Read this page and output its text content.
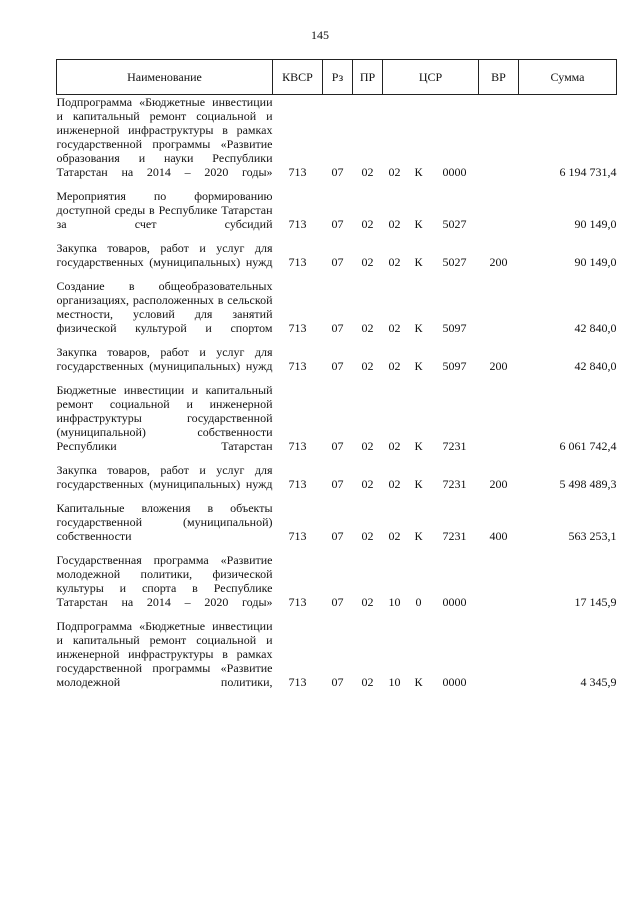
145
Наименование	КВСР	Рз	ПР	ЦСР			ВР	Сумма
Подпрограмма «Бюджетные инвестиции и капитальный ремонт социальной и инженерной инфраструктуры в рамках государственной программы «Развитие образования и науки Республики Татарстан на 2014 – 2020 годы»	713	07	02	02	К	0000		6 194 731,4
Мероприятия по формированию доступной среды в Республике Татарстан за счет субсидий	713	07	02	02	К	5027		90 149,0
Закупка товаров, работ и услуг для государственных (муниципальных) нужд	713	07	02	02	К	5027	200	90 149,0
Создание в общеобразовательных организациях, расположенных в сельской местности, условий для занятий физической культурой и спортом	713	07	02	02	К	5097		42 840,0
Закупка товаров, работ и услуг для государственных (муниципальных) нужд	713	07	02	02	К	5097	200	42 840,0
Бюджетные инвестиции и капитальный ремонт социальной и инженерной инфраструктуры государственной (муниципальной) собственности Республики Татарстан	713	07	02	02	К	7231		6 061 742,4
Закупка товаров, работ и услуг для государственных (муниципальных) нужд	713	07	02	02	К	7231	200	5 498 489,3
Капитальные вложения в объекты государственной (муниципальной) собственности	713	07	02	02	К	7231	400	563 253,1
Государственная программа «Развитие молодежной политики, физической культуры и спорта в Республике Татарстан на 2014 – 2020 годы»	713	07	02	10	0	0000		17 145,9
Подпрограмма «Бюджетные инвестиции и капитальный ремонт социальной и инженерной инфраструктуры в рамках государственной программы «Развитие молодежной политики,	713	07	02	10	К	0000		4 345,9
